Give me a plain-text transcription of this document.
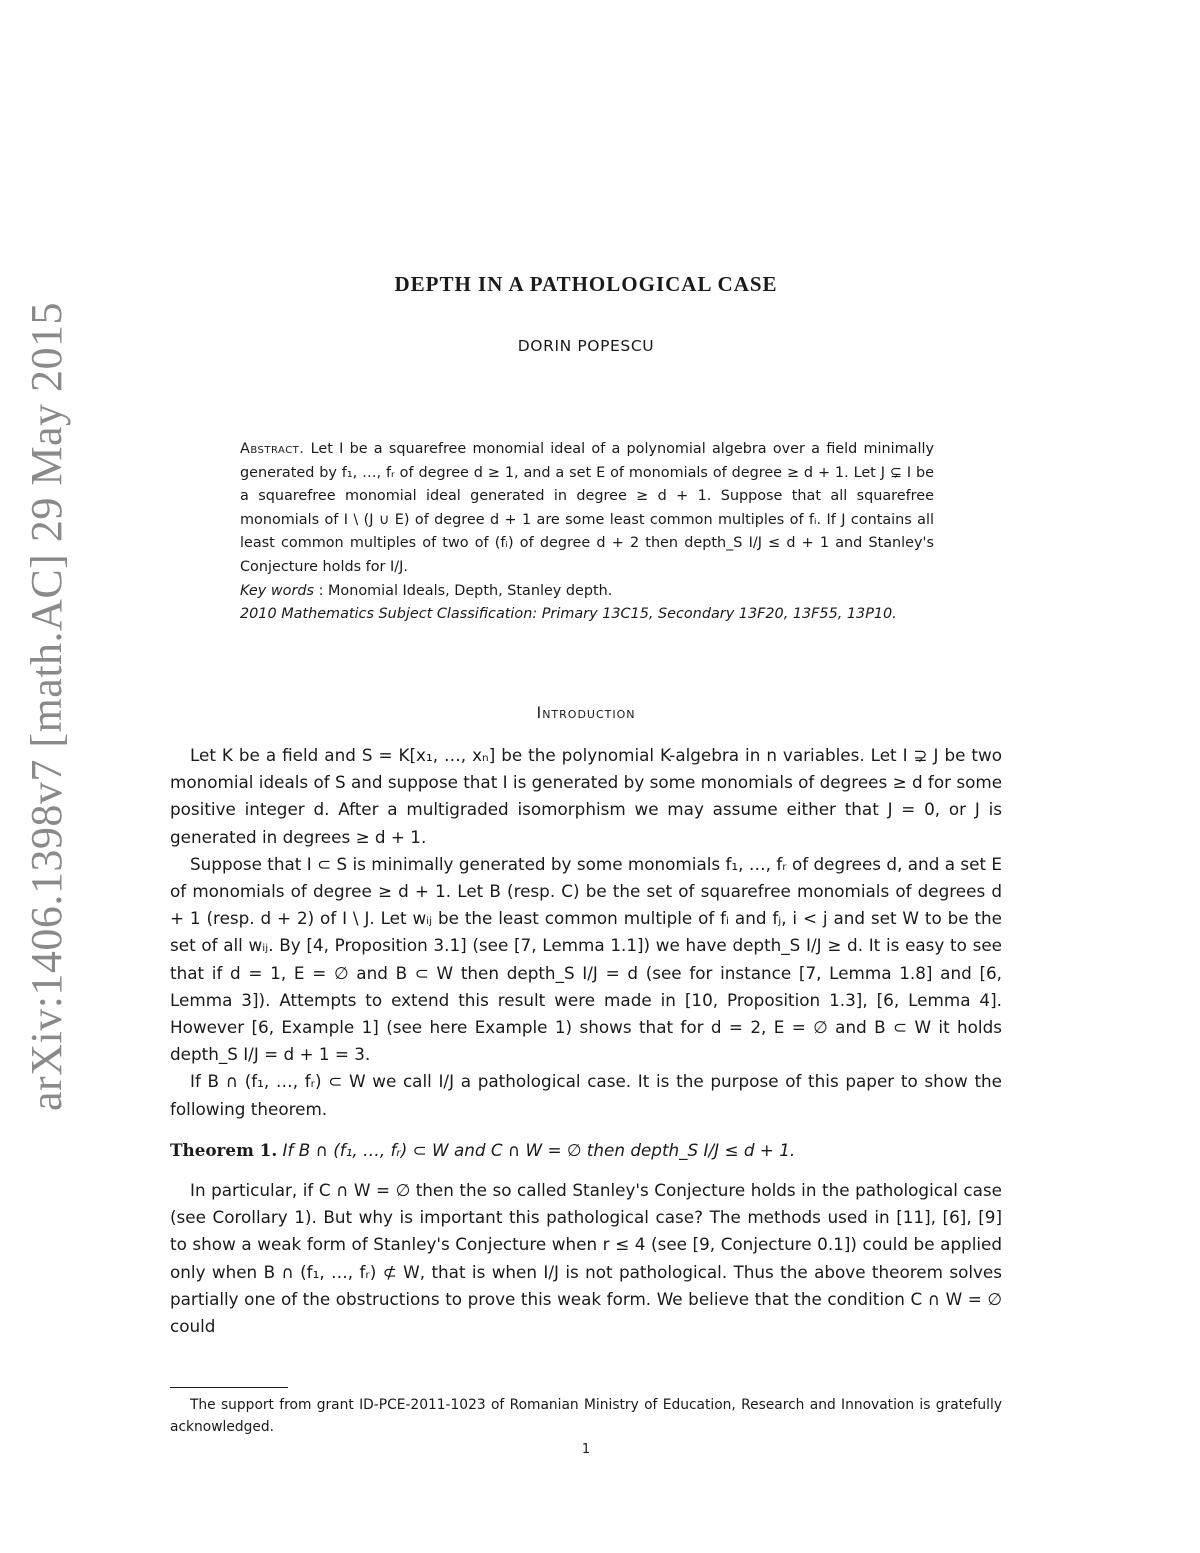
arXiv:1406.1398v7 [math.AC] 29 May 2015
DEPTH IN A PATHOLOGICAL CASE
DORIN POPESCU

Abstract. Let I be a squarefree monomial ideal of a polynomial algebra over a field minimally generated by f₁, …, fᵣ of degree d ≥ 1, and a set E of monomials of degree ≥ d + 1. Let J ⊊ I be a squarefree monomial ideal generated in degree ≥ d + 1. Suppose that all squarefree monomials of I \ (J ∪ E) of degree d + 1 are some least common multiples of fᵢ. If J contains all least common multiples of two of (fᵢ) of degree d + 2 then depth_S I/J ≤ d + 1 and Stanley's Conjecture holds for I/J.

Key words : Monomial Ideals, Depth, Stanley depth.

2010 Mathematics Subject Classification: Primary 13C15, Secondary 13F20, 13F55, 13P10.

Introduction

Let K be a field and S = K[x₁, …, xₙ] be the polynomial K-algebra in n variables. Let I ⊋ J be two monomial ideals of S and suppose that I is generated by some monomials of degrees ≥ d for some positive integer d. After a multigraded isomorphism we may assume either that J = 0, or J is generated in degrees ≥ d + 1.

Suppose that I ⊂ S is minimally generated by some monomials f₁, …, fᵣ of degrees d, and a set E of monomials of degree ≥ d + 1. Let B (resp. C) be the set of squarefree monomials of degrees d + 1 (resp. d + 2) of I \ J. Let wᵢⱼ be the least common multiple of fᵢ and fⱼ, i < j and set W to be the set of all wᵢⱼ. By [4, Proposition 3.1] (see [7, Lemma 1.1]) we have depth_S I/J ≥ d. It is easy to see that if d = 1, E = ∅ and B ⊂ W then depth_S I/J = d (see for instance [7, Lemma 1.8] and [6, Lemma 3]). Attempts to extend this result were made in [10, Proposition 1.3], [6, Lemma 4]. However [6, Example 1] (see here Example 1) shows that for d = 2, E = ∅ and B ⊂ W it holds depth_S I/J = d + 1 = 3.

If B ∩ (f₁, …, fᵣ) ⊂ W we call I/J a pathological case. It is the purpose of this paper to show the following theorem.

Theorem 1. If B ∩ (f₁, …, fᵣ) ⊂ W and C ∩ W = ∅ then depth_S I/J ≤ d + 1.

In particular, if C ∩ W = ∅ then the so called Stanley's Conjecture holds in the pathological case (see Corollary 1). But why is important this pathological case? The methods used in [11], [6], [9] to show a weak form of Stanley's Conjecture when r ≤ 4 (see [9, Conjecture 0.1]) could be applied only when B ∩ (f₁, …, fᵣ) ⊄ W, that is when I/J is not pathological. Thus the above theorem solves partially one of the obstructions to prove this weak form. We believe that the condition C ∩ W = ∅ could

The support from grant ID-PCE-2011-1023 of Romanian Ministry of Education, Research and Innovation is gratefully acknowledged.
1
